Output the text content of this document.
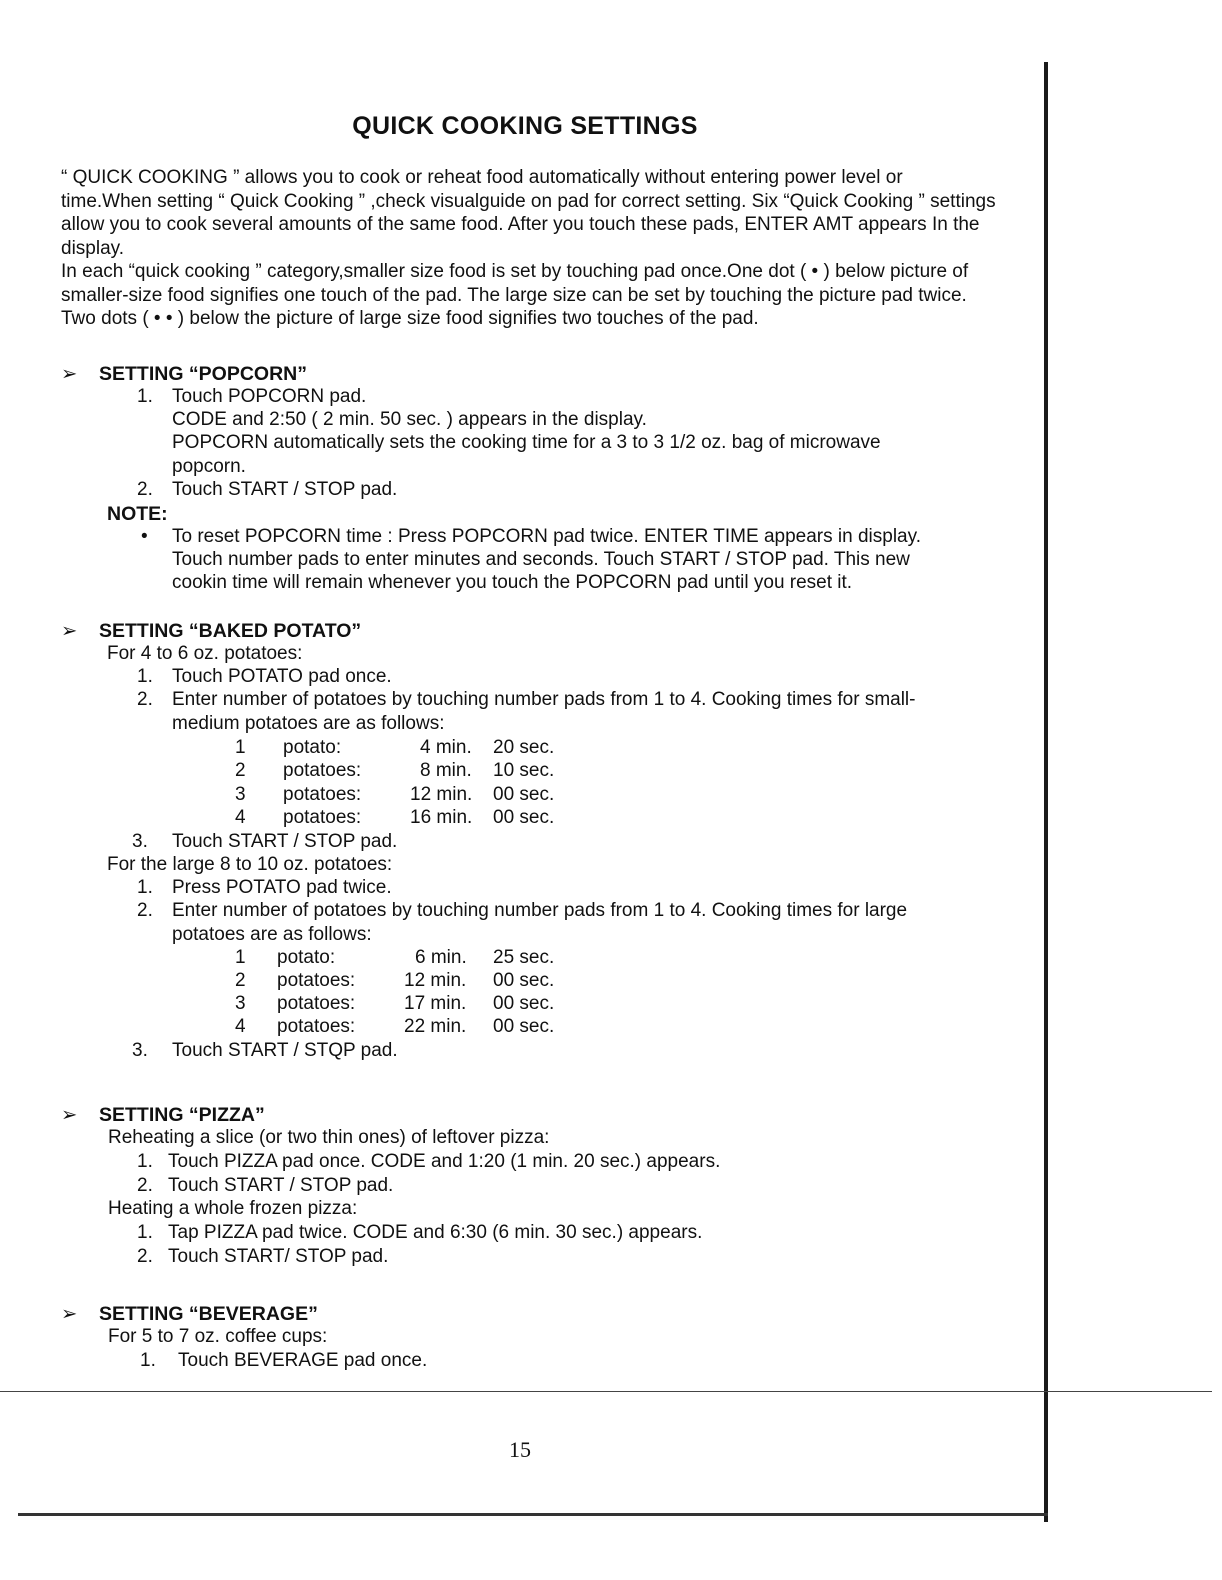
QUICK COOKING SETTINGS

“ QUICK COOKING ” allows you to cook or reheat food automatically without entering power level or time.When setting “ Quick Cooking ” ,check visualguide on pad for correct setting. Six “Quick Cooking ” settings allow you to cook several amounts of the same food. After you touch these pads, ENTER AMT appears In the display.

In each “quick cooking ” category,smaller size food is set by touching pad once.One dot ( • ) below picture of smaller-size food signifies one touch of the pad. The large size can be set by touching the picture pad twice. Two dots ( • • ) below the picture of large size food signifies two touches of the pad.

➢ SETTING “POPCORN”
1. Touch POPCORN pad.
CODE and 2:50 ( 2 min. 50 sec. ) appears in the display.
POPCORN automatically sets the cooking time for a 3 to 3 1/2 oz. bag of microwave
popcorn.
2. Touch START / STOP pad.
NOTE:
• To reset POPCORN time : Press POPCORN pad twice. ENTER TIME appears in display.
Touch number pads to enter minutes and seconds. Touch START / STOP pad. This new
cookin time will remain whenever you touch the POPCORN pad until you reset it.
➢ SETTING “BAKED POTATO”
For 4 to 6 oz. potatoes:
1. Touch POTATO pad once.
2. Enter number of potatoes by touching number pads from 1 to 4. Cooking times for small-
medium potatoes are as follows:
1 potato:	4 min. 20 sec.
2 potatoes:	8 min. 10 sec.
3 potatoes:	12 min. 00 sec.
4 potatoes:	16 min. 00 sec.
3. Touch START / STOP pad.
For the large 8 to 10 oz. potatoes:
1. Press POTATO pad twice.
2. Enter number of potatoes by touching number pads from 1 to 4. Cooking times for large
potatoes are as follows:
1 potato:	6 min. 25 sec.
2 potatoes:	12 min. 00 sec.
3 potatoes:	17 min. 00 sec.
4 potatoes:	22 min. 00 sec.
3. Touch START / STQP pad.
➢ SETTING “PIZZA”
Reheating a slice (or two thin ones) of leftover pizza:
1. Touch PIZZA pad once. CODE and 1:20 (1 min. 20 sec.) appears.
2. Touch START / STOP pad.
Heating a whole frozen pizza:
1. Tap PIZZA pad twice. CODE and 6:30 (6 min. 30 sec.) appears.
2. Touch START/ STOP pad.
➢ SETTING “BEVERAGE”
For 5 to 7 oz. coffee cups:
1. Touch BEVERAGE pad once.
15
